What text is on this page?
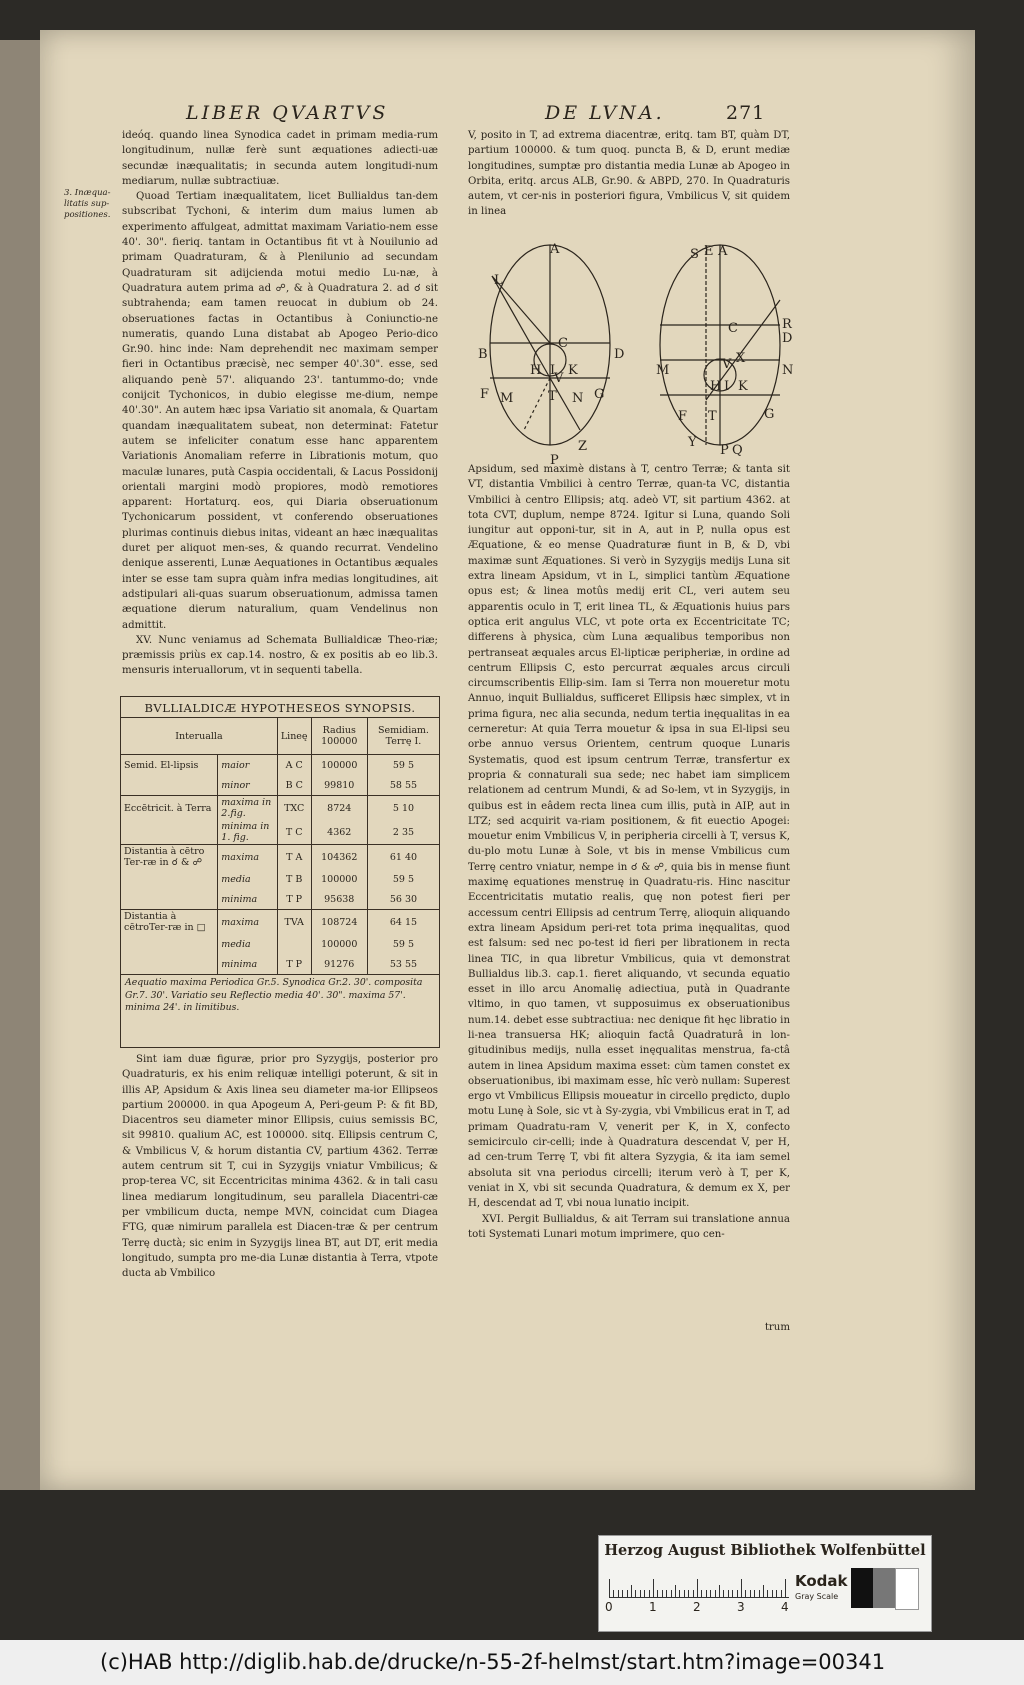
LIBER QVARTVS	DE LVNA.	271
3. Inæqua-litatis sup-positiones.

ideóq. quando linea Synodica cadet in primam media-rum longitudinum, nullæ ferè sunt æquationes adiecti-uæ secundæ inæqualitatis; in secunda autem longitudi-num mediarum, nullæ subtractiuæ.

Quoad Tertiam inæqualitatem, licet Bullialdus tan-dem subscribat Tychoni, & interim dum maius lumen ab experimento affulgeat, admittat maximam Variatio-nem esse 40'. 30". fieriq. tantam in Octantibus fit vt à Nouilunio ad primam Quadraturam, & à Plenilunio ad secundam Quadraturam sit adijcienda motui medio Lu-næ, à Quadratura autem prima ad ☍, & à Quadratura 2. ad ☌ sit subtrahenda; eam tamen reuocat in dubium ob 24. obseruationes factas in Octantibus à Coniunctio-ne numeratis, quando Luna distabat ab Apogeo Perio-dico Gr.90. hinc inde: Nam deprehendit nec maximam semper fieri in Octantibus præcisè, nec semper 40'.30". esse, sed aliquando penè 57'. aliquando 23'. tantummo-do; vnde conijcit Tychonicos, in dubio elegisse me-dium, nempe 40'.30". An autem hæc ipsa Variatio sit anomala, & Quartam quandam inæqualitatem subeat, non determinat: Fatetur autem se infeliciter conatum esse hanc apparentem Variationis Anomaliam referre in Librationis motum, quo maculæ lunares, putà Caspia occidentali, & Lacus Possidonij orientali margini modò propiores, modò remotiores apparent: Hortaturq. eos, qui Diaria obseruationum Tychonicarum possident, vt conferendo obseruationes plurimas continuis diebus initas, videant an hæc inæqualitas duret per aliquot men-ses, & quando recurrat. Vendelino denique asserenti, Lunæ Aequationes in Octantibus æquales inter se esse tam supra quàm infra medias longitudines, ait adstipulari ali-quas suarum obseruationum, admissa tamen æquatione dierum naturalium, quam Vendelinus non admittit.

XV. Nunc veniamus ad Schemata Bullialdicæ Theo-riæ; præmissis priùs ex cap.14. nostro, & ex positis ab eo lib.3. mensuris interuallorum, vt in sequenti tabella.

BVLLIALDICÆ HYPOTHESEOS SYNOPSIS.
Interualla		Lineę	Radius 100000	Semidiam. Terrę I.
Semid. El-lipsis	maior	A C	100000	59 5
	minor	B C	99810	58 55
Eccētricit. à Terra	maxima in 2.fig.	TXC	8724	5 10
	minima in 1. fig.	T C	4362	2 35
Distantia à cētro Ter-ræ in ☌ & ☍	maxima	T A	104362	61 40
	media	T B	100000	59 5
	minima	T P	95638	56 30
Distantia à cētroTer-ræ in □	maxima	TVA	108724	64 15
	media		100000	59 5
	minima	T P	91276	53 55
Aequatio maxima Periodica Gr.5. Synodica Gr.2. 30'. composita Gr.7. 30'. Variatio seu Reflectio media 40'. 30". maxima 57'. minima 24'. in limitibus.
Sint iam duæ figuræ, prior pro Syzygijs, posterior pro Quadraturis, ex his enim reliquæ intelligi poterunt, & sit in illis AP, Apsidum & Axis linea seu diameter ma-ior Ellipseos partium 200000. in qua Apogeum A, Peri-geum P: & fit BD, Diacentros seu diameter minor Ellipsis, cuius semissis BC, sit 99810. qualium AC, est 100000. sitq. Ellipsis centrum C, & Vmbilicus V, & horum distantia CV, partium 4362. Terræ autem centrum sit T, cui in Syzygijs vniatur Vmbilicus; & prop-terea VC, sit Eccentricitas minima 4362. & in tali casu linea mediarum longitudinum, seu parallela Diacentri-cæ per vmbilicum ducta, nempe MVN, coincidat cum Diagea FTG, quæ nimirum parallela est Diacen-træ & per centrum Terrę ductà; sic enim in Syzygijs linea BT, aut DT, erit media longitudo, sumpta pro me-dia Lunæ distantia à Terra, vtpote ducta ab Vmbilico
V, posito in T, ad extrema diacentræ, eritq. tam BT, quàm DT, partium 100000. & tum quoq. puncta B, & D, erunt mediæ longitudines, sumptæ pro distantia media Lunæ ab Apogeo in Orbita, eritq. arcus ALB, Gr.90. & ABPD, 270. In Quadraturis autem, vt cer-nis in posteriori figura, Vmbilicus V, sit quidem in linea
A
L
B
C
D
H I K
F M	T
V
N G
P
Z
S E A
R
D
C
M	V X
N
H I K
F T	G
Y
P Q

Apsidum, sed maximè distans à T, centro Terræ; & tanta sit VT, distantia Vmbilici à centro Terræ, quan-ta VC, distantia Vmbilici à centro Ellipsis; atq. adeò VT, sit partium 4362. at tota CVT, duplum, nempe 8724. Igitur si Luna, quando Soli iungitur aut opponi-tur, sit in A, aut in P, nulla opus est Æquatione, & eo mense Quadraturæ fiunt in B, & D, vbi maximæ sunt Æquationes. Si verò in Syzygijs medijs Luna sit extra lineam Apsidum, vt in L, simplici tantùm Æquatione opus est; & linea motûs medij erit CL, veri autem seu apparentis oculo in T, erit linea TL, & Æquationis huius pars optica erit angulus VLC, vt pote orta ex Eccentricitate TC; differens à physica, cùm Luna æqualibus temporibus non pertranseat æquales arcus El-lipticæ peripheriæ, in ordine ad centrum Ellipsis C, esto percurrat æquales arcus circuli circumscribentis Ellip-sim. Iam si Terra non moueretur motu Annuo, inquit Bullialdus, sufficeret Ellipsis hæc simplex, vt in prima figura, nec alia secunda, nedum tertia inęqualitas in ea cerneretur: At quia Terra mouetur & ipsa in sua El-lipsi seu orbe annuo versus Orientem, centrum quoque Lunaris Systematis, quod est ipsum centrum Terræ, transfertur ex propria & connaturali sua sede; nec habet iam simplicem relationem ad centrum Mundi, & ad So-lem, vt in Syzygijs, in quibus est in eâdem recta linea cum illis, putà in AIP, aut in LTZ; sed acquirit va-riam positionem, & fit euectio Apogei: mouetur enim Vmbilicus V, in peripheria circelli à T, versus K, du-plo motu Lunæ à Sole, vt bis in mense Vmbilicus cum Terrę centro vniatur, nempe in ☌ & ☍, quia bis in mense fiunt maximę equationes menstruę in Quadratu-ris. Hinc nascitur Eccentricitatis mutatio realis, quę non potest fieri per accessum centri Ellipsis ad centrum Terrę, alioquin aliquando extra lineam Apsidum peri-ret tota prima inęqualitas, quod est falsum: sed nec po-test id fieri per librationem in recta linea TIC, in qua libretur Vmbilicus, quia vt demonstrat Bullialdus lib.3. cap.1. fieret aliquando, vt secunda equatio esset in illo arcu Anomalię adiectiua, putà in Quadrante vltimo, in quo tamen, vt supposuimus ex obseruationibus num.14. debet esse subtractiua: nec denique fit hęc libratio in li-nea transuersa HK; alioquin factâ Quadraturâ in lon-gitudinibus medijs, nulla esset inęqualitas menstrua, fa-ctâ autem in linea Apsidum maxima esset: cùm tamen constet ex obseruationibus, ibi maximam esse, hîc verò nullam: Superest ergo vt Vmbilicus Ellipsis moueatur in circello prędicto, duplo motu Lunę à Sole, sic vt à Sy-zygia, vbi Vmbilicus erat in T, ad primam Quadratu-ram V, venerit per K, in X, confecto semicirculo cir-celli; inde à Quadratura descendat V, per H, ad cen-trum Terrę T, vbi fit altera Syzygia, & ita iam semel absoluta sit vna periodus circelli; iterum verò à T, per K, veniat in X, vbi sit secunda Quadratura, & demum ex X, per H, descendat ad T, vbi noua lunatio incipit.

XVI. Pergit Bullialdus, & ait Terram sui translatione annua toti Systemati Lunari motum imprimere, quo cen-

trum
Herzog August Bibliothek Wolfenbüttel
0	1	2	3	4
Kodak
Gray Scale
(c)HAB http://diglib.hab.de/drucke/n-55-2f-helmst/start.htm?image=00341
